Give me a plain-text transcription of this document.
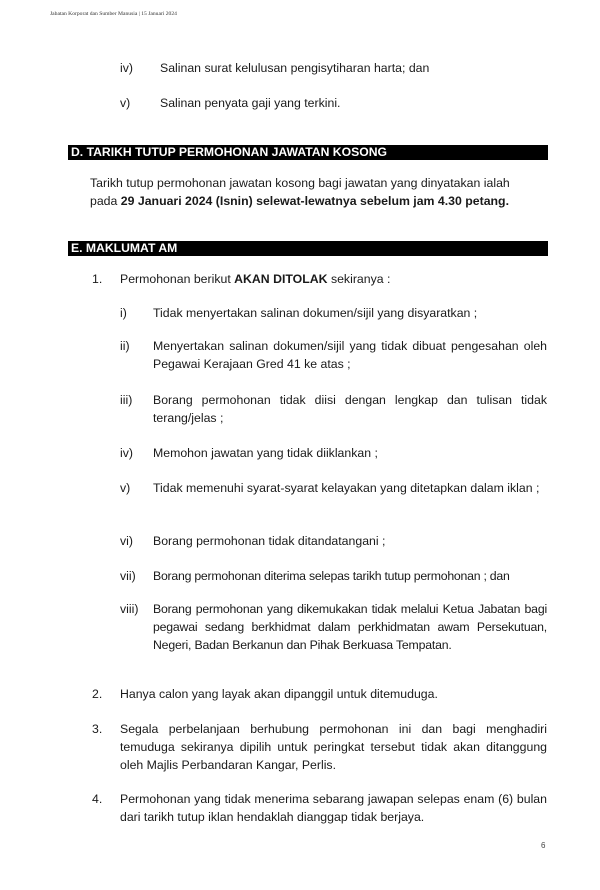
Jabatan Korporat dan Sumber Manusia | 15 Januari 2024
iv) Salinan surat kelulusan pengisytiharan harta; dan
v) Salinan penyata gaji yang terkini.
D. TARIKH TUTUP PERMOHONAN JAWATAN KOSONG
Tarikh tutup permohonan jawatan kosong bagi jawatan yang dinyatakan ialah
pada 29 Januari 2024 (Isnin) selewat-lewatnya sebelum jam 4.30 petang.
E. MAKLUMAT AM
1. Permohonan berikut AKAN DITOLAK sekiranya :
i) Tidak menyertakan salinan dokumen/sijil yang disyaratkan ;
ii) Menyertakan salinan dokumen/sijil yang tidak dibuat pengesahan oleh Pegawai Kerajaan Gred 41 ke atas ;
iii) Borang permohonan tidak diisi dengan lengkap dan tulisan tidak terang/jelas ;
iv) Memohon jawatan yang tidak diiklankan ;
v) Tidak memenuhi syarat-syarat kelayakan yang ditetapkan dalam iklan ;
vi) Borang permohonan tidak ditandatangani ;
vii) Borang permohonan diterima selepas tarikh tutup permohonan ; dan
viii) Borang permohonan yang dikemukakan tidak melalui Ketua Jabatan bagi pegawai sedang berkhidmat dalam perkhidmatan awam Persekutuan, Negeri, Badan Berkanun dan Pihak Berkuasa Tempatan.
2. Hanya calon yang layak akan dipanggil untuk ditemuduga.
3. Segala perbelanjaan berhubung permohonan ini dan bagi menghadiri temuduga sekiranya dipilih untuk peringkat tersebut tidak akan ditanggung oleh Majlis Perbandaran Kangar, Perlis.
4. Permohonan yang tidak menerima sebarang jawapan selepas enam (6) bulan dari tarikh tutup iklan hendaklah dianggap tidak berjaya.
6
